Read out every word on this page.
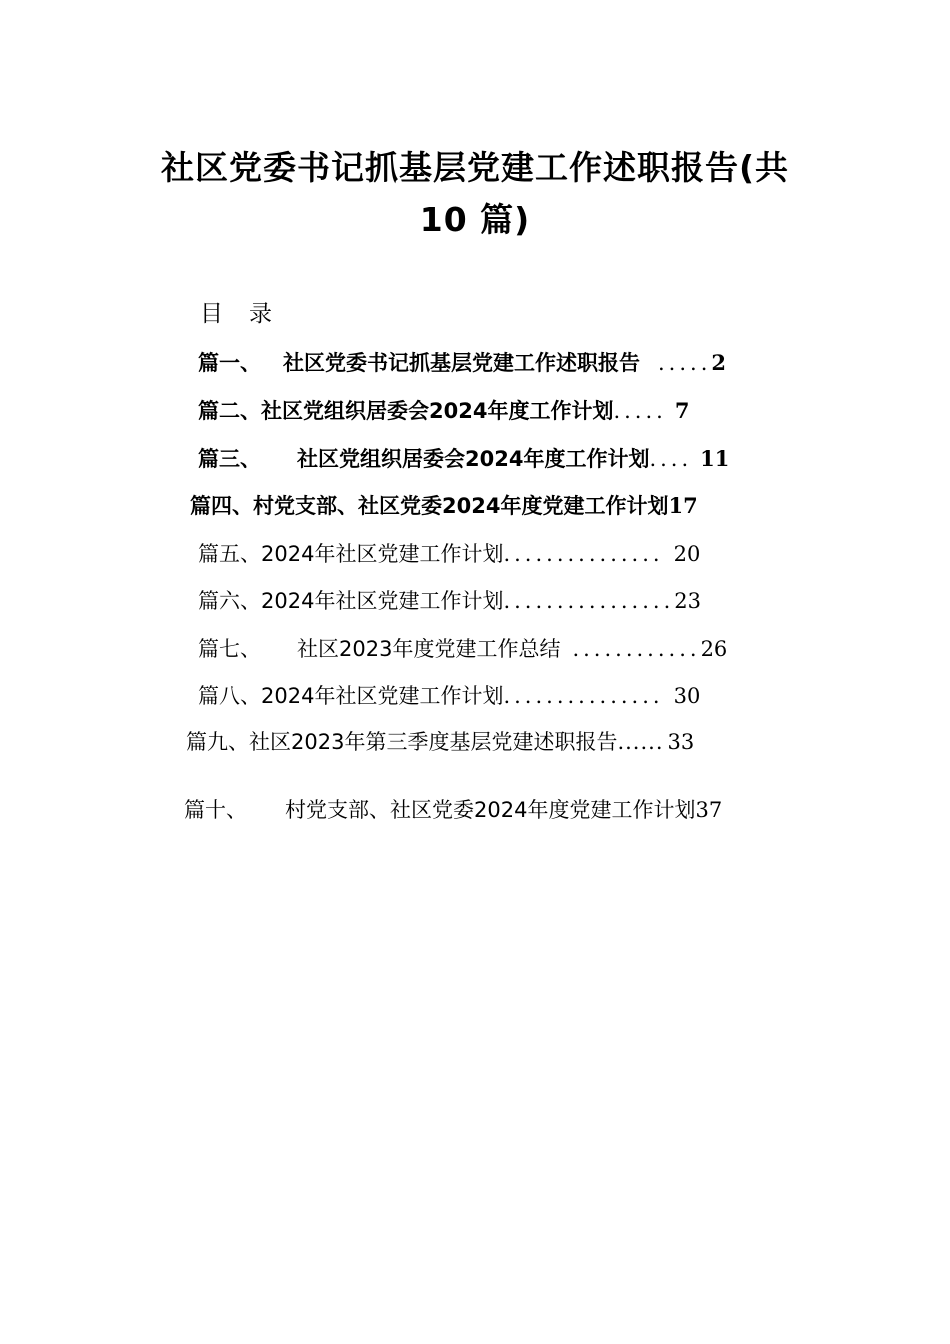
社区党委书记抓基层党建工作述职报告(共
10 篇)
目 录
篇一、 社区党委书记抓基层党建工作述职报告 ..... 2
篇二、 社区党组织居委会2024年度工作计划 ..... 7
篇三、 社区党组织居委会2024年度工作计划 .... 11
篇四、 村党支部、社区党委2024年度党建工作计划 17
篇五、 2024年社区党建工作计划 ............... 20
篇六、 2024年社区党建工作计划 ................ 23
篇七、 社区2023年度党建工作总结 ............ 26
篇八、 2024年社区党建工作计划 ............... 30
篇九、 社区2023年第三季度基层党建述职报告 ...... 33
篇十、 村党支部、社区党委2024年度党建工作计划 37
